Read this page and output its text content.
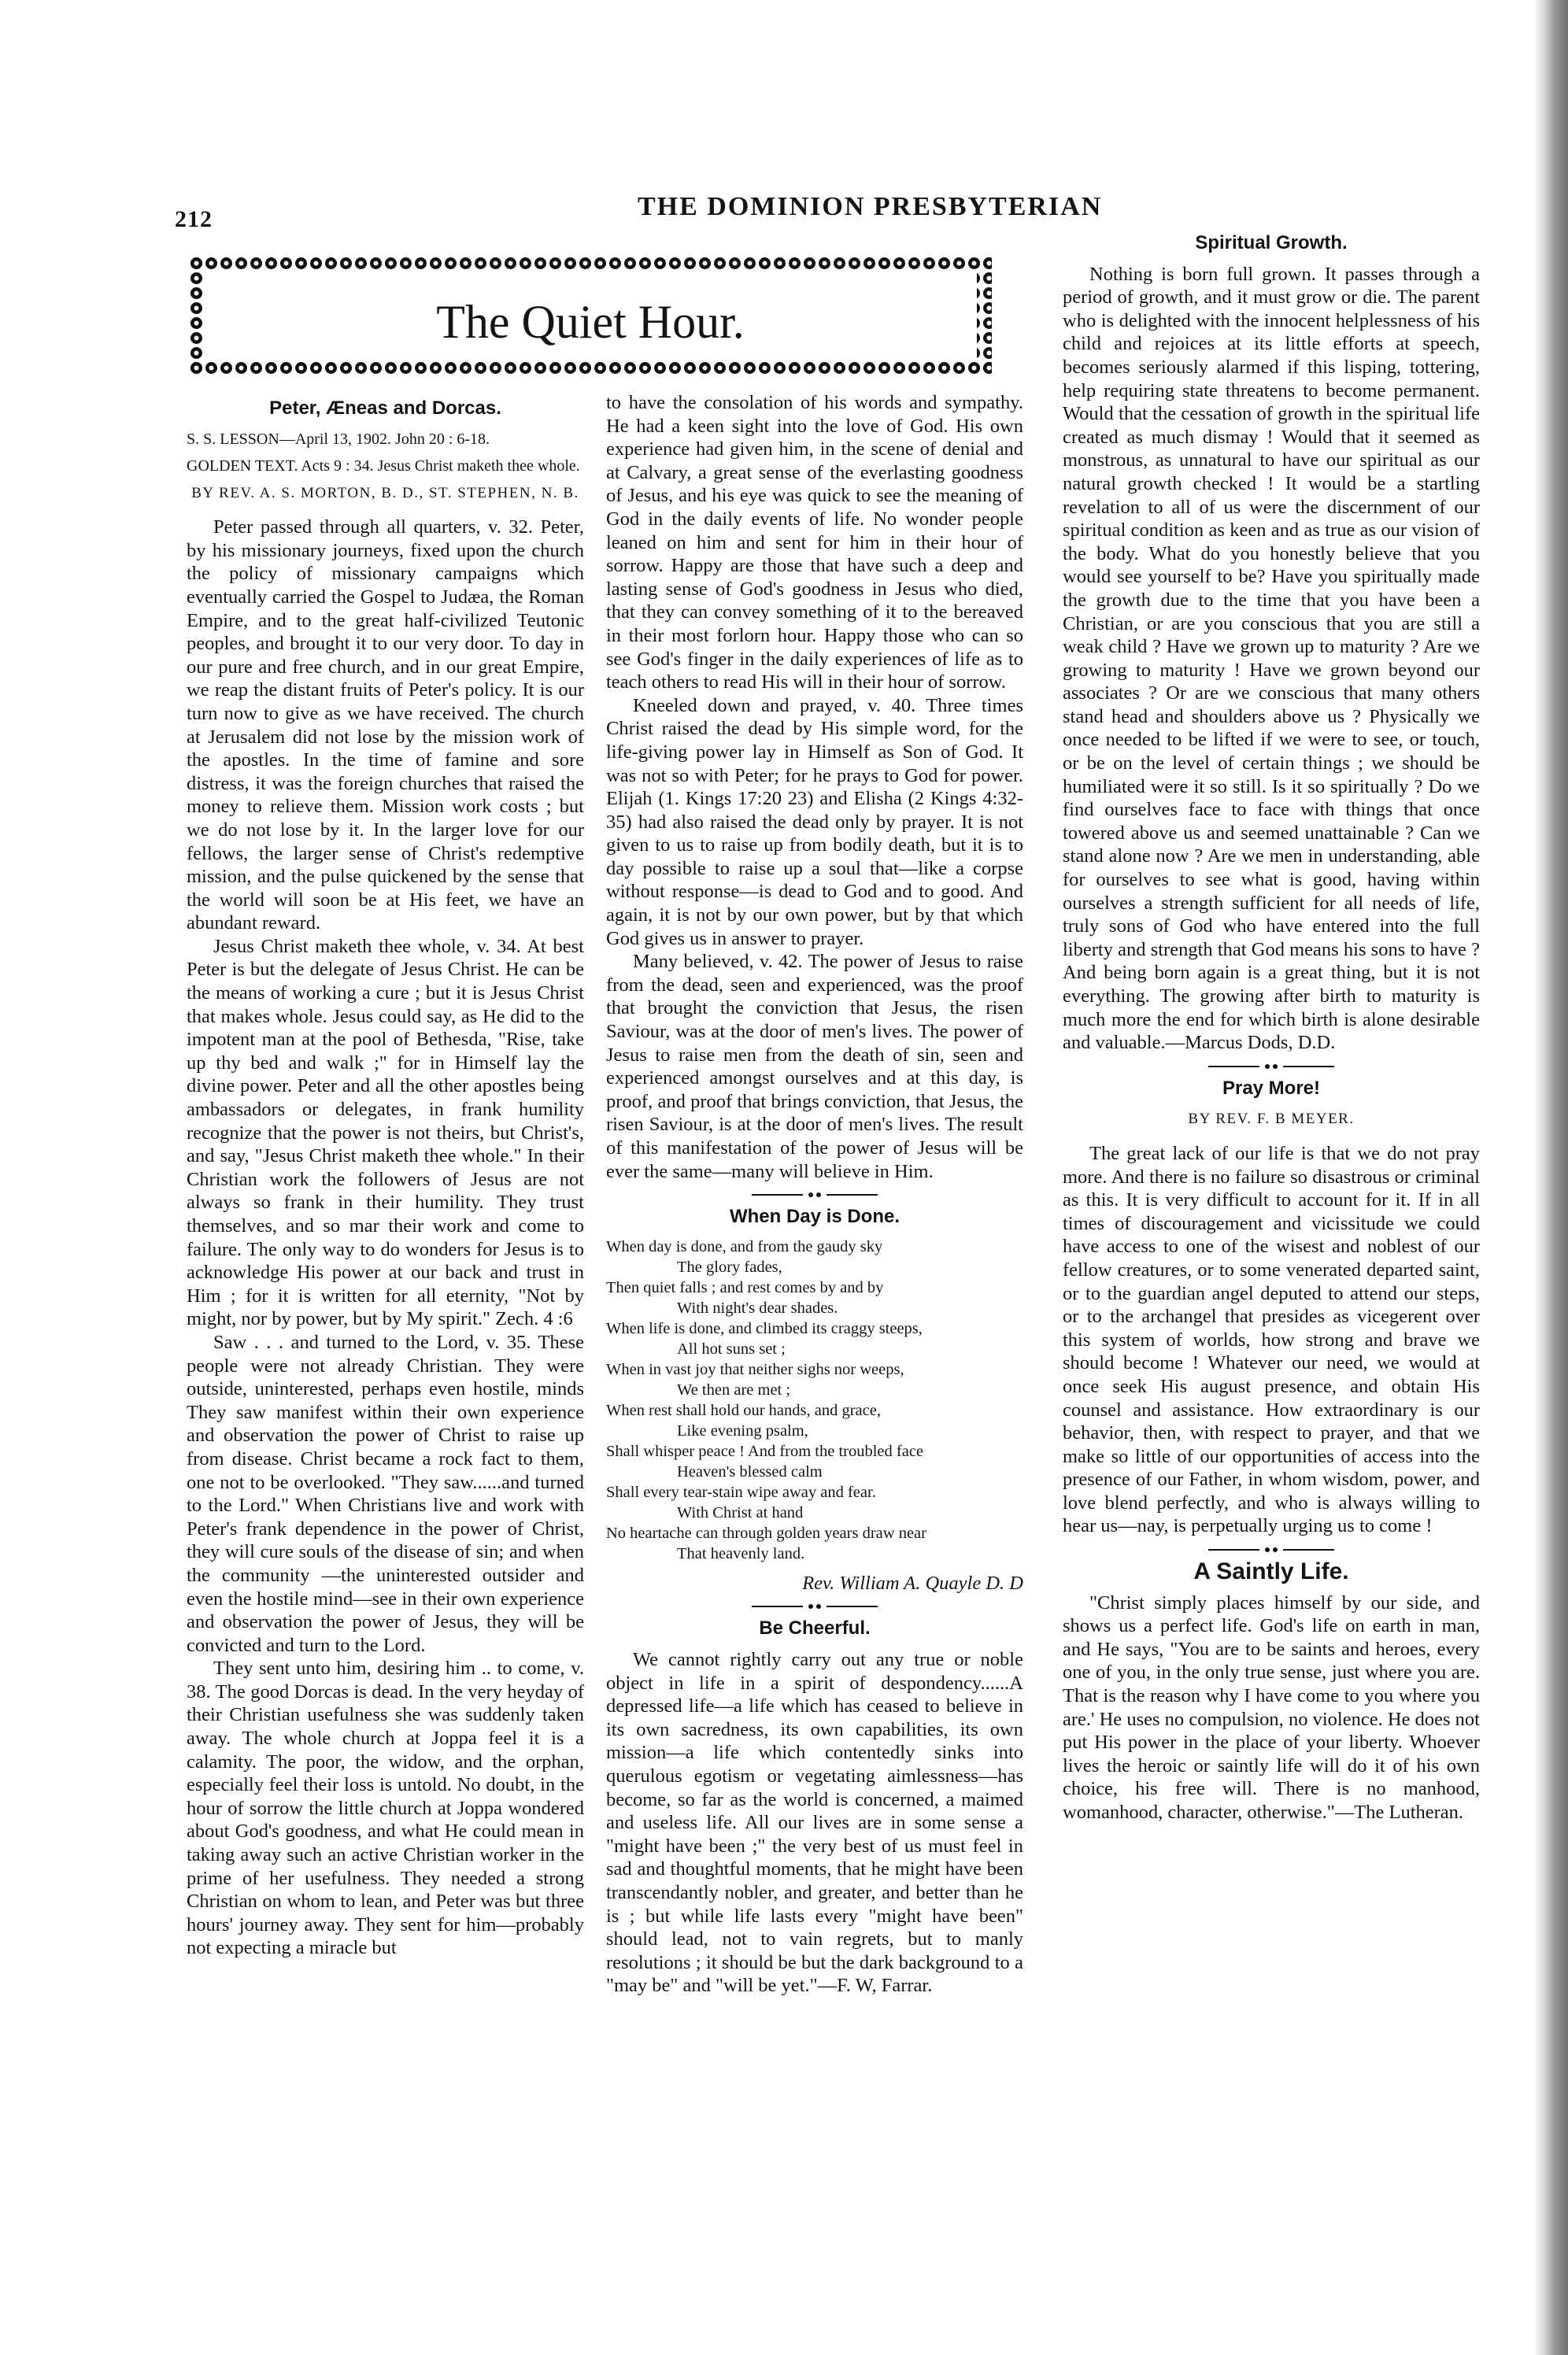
212	THE DOMINION PRESBYTERIAN
The Quiet Hour.
Peter, Æneas and Dorcas.

S. S. LESSON—April 13, 1902. John 20 : 6-18.

GOLDEN TEXT. Acts 9 : 34. Jesus Christ maketh thee whole.

BY REV. A. S. MORTON, B. D., ST. STEPHEN, N. B.

Peter passed through all quarters, v. 32. Peter, by his missionary journeys, fixed upon the church the policy of missionary campaigns which eventually carried the Gospel to Judæa, the Roman Empire, and to the great half-civilized Teutonic peoples, and brought it to our very door. To day in our pure and free church, and in our great Empire, we reap the distant fruits of Peter's policy. It is our turn now to give as we have received. The church at Jerusalem did not lose by the mission work of the apostles. In the time of famine and sore distress, it was the foreign churches that raised the money to relieve them. Mission work costs ; but we do not lose by it. In the larger love for our fellows, the larger sense of Christ's redemptive mission, and the pulse quickened by the sense that the world will soon be at His feet, we have an abundant reward.

Jesus Christ maketh thee whole, v. 34. At best Peter is but the delegate of Jesus Christ. He can be the means of working a cure ; but it is Jesus Christ that makes whole. Jesus could say, as He did to the impotent man at the pool of Bethesda, "Rise, take up thy bed and walk ;" for in Himself lay the divine power. Peter and all the other apostles being ambassadors or delegates, in frank humility recognize that the power is not theirs, but Christ's, and say, "Jesus Christ maketh thee whole." In their Christian work the followers of Jesus are not always so frank in their humility. They trust themselves, and so mar their work and come to failure. The only way to do wonders for Jesus is to acknowledge His power at our back and trust in Him ; for it is written for all eternity, "Not by might, nor by power, but by My spirit." Zech. 4 :6

Saw . . . and turned to the Lord, v. 35. These people were not already Christian. They were outside, uninterested, perhaps even hostile, minds They saw manifest within their own experience and observation the power of Christ to raise up from disease. Christ became a rock fact to them, one not to be overlooked. "They saw......and turned to the Lord." When Christians live and work with Peter's frank dependence in the power of Christ, they will cure souls of the disease of sin; and when the community —the uninterested outsider and even the hostile mind—see in their own experience and observation the power of Jesus, they will be convicted and turn to the Lord.

They sent unto him, desiring him .. to come, v. 38. The good Dorcas is dead. In the very heyday of their Christian usefulness she was suddenly taken away. The whole church at Joppa feel it is a calamity. The poor, the widow, and the orphan, especially feel their loss is untold. No doubt, in the hour of sorrow the little church at Joppa wondered about God's goodness, and what He could mean in taking away such an active Christian worker in the prime of her usefulness. They needed a strong Christian on whom to lean, and Peter was but three hours' journey away. They sent for him—probably not expecting a miracle but

to have the consolation of his words and sympathy. He had a keen sight into the love of God. His own experience had given him, in the scene of denial and at Calvary, a great sense of the everlasting goodness of Jesus, and his eye was quick to see the meaning of God in the daily events of life. No wonder people leaned on him and sent for him in their hour of sorrow. Happy are those that have such a deep and lasting sense of God's goodness in Jesus who died, that they can convey something of it to the bereaved in their most forlorn hour. Happy those who can so see God's finger in the daily experiences of life as to teach others to read His will in their hour of sorrow.

Kneeled down and prayed, v. 40. Three times Christ raised the dead by His simple word, for the life-giving power lay in Himself as Son of God. It was not so with Peter; for he prays to God for power. Elijah (1. Kings 17:20 23) and Elisha (2 Kings 4:32-35) had also raised the dead only by prayer. It is not given to us to raise up from bodily death, but it is to day possible to raise up a soul that—like a corpse without response—is dead to God and to good. And again, it is not by our own power, but by that which God gives us in answer to prayer.

Many believed, v. 42. The power of Jesus to raise from the dead, seen and experienced, was the proof that brought the conviction that Jesus, the risen Saviour, was at the door of men's lives. The power of Jesus to raise men from the death of sin, seen and experienced amongst ourselves and at this day, is proof, and proof that brings conviction, that Jesus, the risen Saviour, is at the door of men's lives. The result of this manifestation of the power of Jesus will be ever the same—many will believe in Him.

When Day is Done.
When day is done, and from the gaudy sky
The glory fades,
Then quiet falls ; and rest comes by and by
With night's dear shades.
When life is done, and climbed its craggy steeps,
All hot suns set ;
When in vast joy that neither sighs nor weeps,
We then are met ;
When rest shall hold our hands, and grace,
Like evening psalm,
Shall whisper peace ! And from the troubled face
Heaven's blessed calm
Shall every tear-stain wipe away and fear.
With Christ at hand
No heartache can through golden years draw near
That heavenly land.

Rev. William A. Quayle D. D

Be Cheerful.

We cannot rightly carry out any true or noble object in life in a spirit of despondency......A depressed life—a life which has ceased to believe in its own sacredness, its own capabilities, its own mission—a life which contentedly sinks into querulous egotism or vegetating aimlessness—has become, so far as the world is concerned, a maimed and useless life. All our lives are in some sense a "might have been ;" the very best of us must feel in sad and thoughtful moments, that he might have been transcendantly nobler, and greater, and better than he is ; but while life lasts every "might have been" should lead, not to vain regrets, but to manly resolutions ; it should be but the dark background to a "may be" and "will be yet."—F. W, Farrar.

Spiritual Growth.

Nothing is born full grown. It passes through a period of growth, and it must grow or die. The parent who is delighted with the innocent helplessness of his child and rejoices at its little efforts at speech, becomes seriously alarmed if this lisping, tottering, help requiring state threatens to become permanent. Would that the cessation of growth in the spiritual life created as much dismay ! Would that it seemed as monstrous, as unnatural to have our spiritual as our natural growth checked ! It would be a startling revelation to all of us were the discernment of our spiritual condition as keen and as true as our vision of the body. What do you honestly believe that you would see yourself to be? Have you spiritually made the growth due to the time that you have been a Christian, or are you conscious that you are still a weak child ? Have we grown up to maturity ? Are we growing to maturity ! Have we grown beyond our associates ? Or are we conscious that many others stand head and shoulders above us ? Physically we once needed to be lifted if we were to see, or touch, or be on the level of certain things ; we should be humiliated were it so still. Is it so spiritually ? Do we find ourselves face to face with things that once towered above us and seemed unattainable ? Can we stand alone now ? Are we men in understanding, able for ourselves to see what is good, having within ourselves a strength sufficient for all needs of life, truly sons of God who have entered into the full liberty and strength that God means his sons to have ? And being born again is a great thing, but it is not everything. The growing after birth to maturity is much more the end for which birth is alone desirable and valuable.—Marcus Dods, D.D.

Pray More!

BY REV. F. B MEYER.

The great lack of our life is that we do not pray more. And there is no failure so disastrous or criminal as this. It is very difficult to account for it. If in all times of discouragement and vicissitude we could have access to one of the wisest and noblest of our fellow creatures, or to some venerated departed saint, or to the guardian angel deputed to attend our steps, or to the archangel that presides as vicegerent over this system of worlds, how strong and brave we should become ! Whatever our need, we would at once seek His august presence, and obtain His counsel and assistance. How extraordinary is our behavior, then, with respect to prayer, and that we make so little of our opportunities of access into the presence of our Father, in whom wisdom, power, and love blend perfectly, and who is always willing to hear us—nay, is perpetually urging us to come !

A Saintly Life.

"Christ simply places himself by our side, and shows us a perfect life. God's life on earth in man, and He says, "You are to be saints and heroes, every one of you, in the only true sense, just where you are. That is the reason why I have come to you where you are.' He uses no compulsion, no violence. He does not put His power in the place of your liberty. Whoever lives the heroic or saintly life will do it of his own choice, his free will. There is no manhood, womanhood, character, otherwise."—The Lutheran.
